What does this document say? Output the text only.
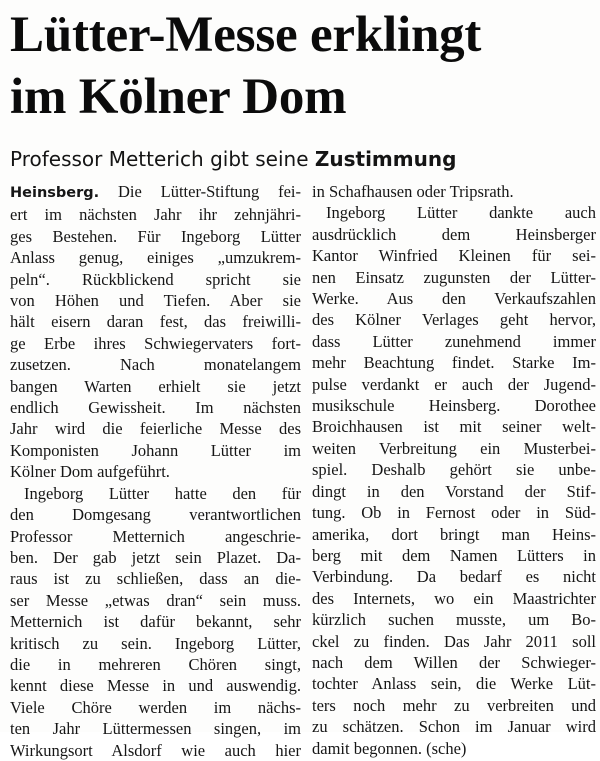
Lütter-Messe erklingt
im Kölner Dom

Professor Metterich gibt seine Zustimmung

Heinsberg. Die Lütter-Stiftung fei-
ert im nächsten Jahr ihr zehnjähri-
ges Bestehen. Für Ingeborg Lütter
Anlass genug, einiges „umzukrem-
peln“. Rückblickend spricht sie
von Höhen und Tiefen. Aber sie
hält eisern daran fest, das freiwilli-
ge Erbe ihres Schwiegervaters fort-
zusetzen. Nach monatelangem
bangen Warten erhielt sie jetzt
endlich Gewissheit. Im nächsten
Jahr wird die feierliche Messe des
Komponisten Johann Lütter im
Kölner Dom aufgeführt.
Ingeborg Lütter hatte den für
den Domgesang verantwortlichen
Professor Metternich angeschrie-
ben. Der gab jetzt sein Plazet. Da-
raus ist zu schließen, dass an die-
ser Messe „etwas dran“ sein muss.
Metternich ist dafür bekannt, sehr
kritisch zu sein. Ingeborg Lütter,
die in mehreren Chören singt,
kennt diese Messe in und auswendig.
Viele Chöre werden im nächs-
ten Jahr Lüttermessen singen, im
Wirkungsort Alsdorf wie auch hier
in Schafhausen oder Tripsrath.
Ingeborg Lütter dankte auch
ausdrücklich dem Heinsberger
Kantor Winfried Kleinen für sei-
nen Einsatz zugunsten der Lütter-
Werke. Aus den Verkaufszahlen
des Kölner Verlages geht hervor,
dass Lütter zunehmend immer
mehr Beachtung findet. Starke Im-
pulse verdankt er auch der Jugend-
musikschule Heinsberg. Dorothee
Broichhausen ist mit seiner welt-
weiten Verbreitung ein Musterbei-
spiel. Deshalb gehört sie unbe-
dingt in den Vorstand der Stif-
tung. Ob in Fernost oder in Süd-
amerika, dort bringt man Heins-
berg mit dem Namen Lütters in
Verbindung. Da bedarf es nicht
des Internets, wo ein Maastrichter
kürzlich suchen musste, um Bo-
ckel zu finden. Das Jahr 2011 soll
nach dem Willen der Schwieger-
tochter Anlass sein, die Werke Lüt-
ters noch mehr zu verbreiten und
zu schätzen. Schon im Januar wird
damit begonnen. (sche)
